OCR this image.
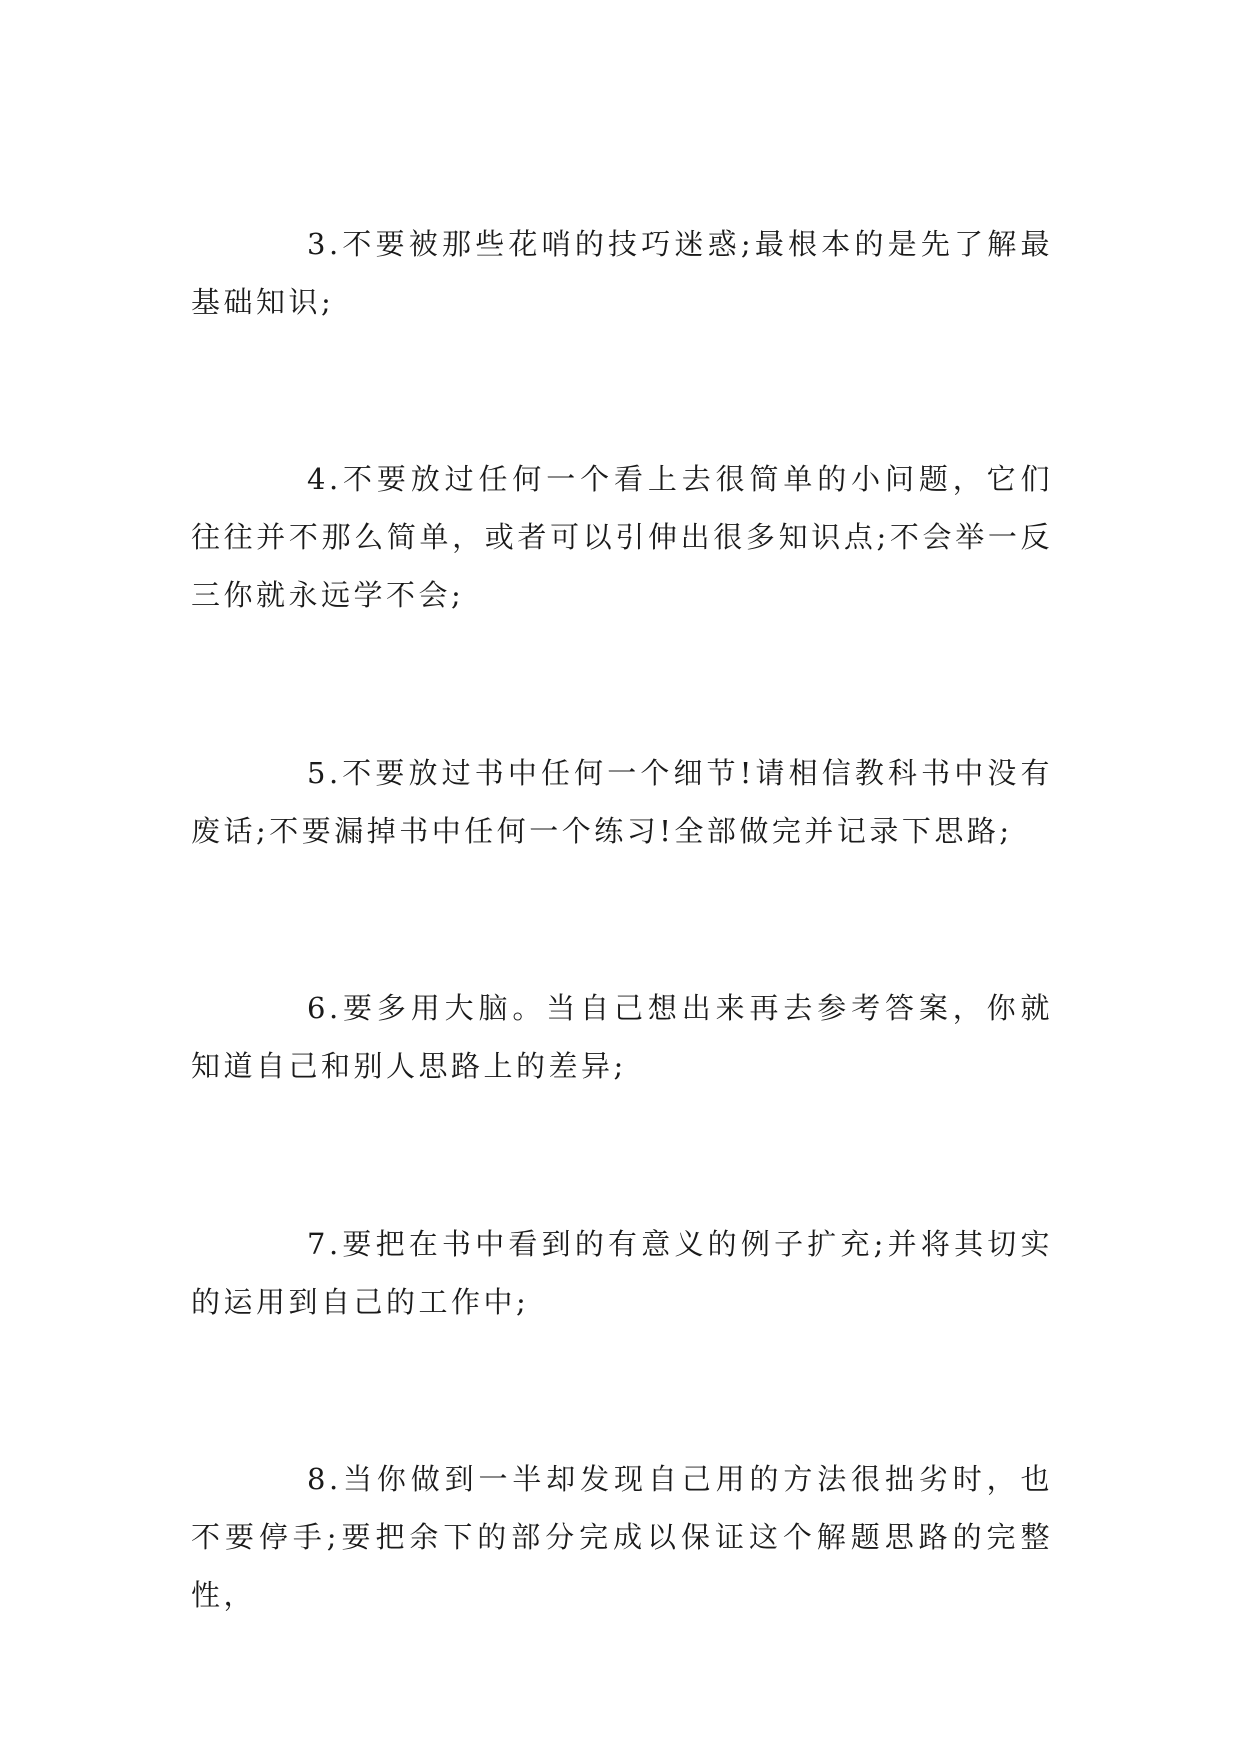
3.不要被那些花哨的技巧迷惑;最根本的是先了解最基础知识;

4.不要放过任何一个看上去很简单的小问题，它们往往并不那么简单，或者可以引伸出很多知识点;不会举一反三你就永远学不会;

5.不要放过书中任何一个细节!请相信教科书中没有废话;不要漏掉书中任何一个练习!全部做完并记录下思路;

6.要多用大脑。当自己想出来再去参考答案，你就知道自己和别人思路上的差异;

7.要把在书中看到的有意义的例子扩充;并将其切实的运用到自己的工作中;

8.当你做到一半却发现自己用的方法很拙劣时，也不要停手;要把余下的部分完成以保证这个解题思路的完整性，
